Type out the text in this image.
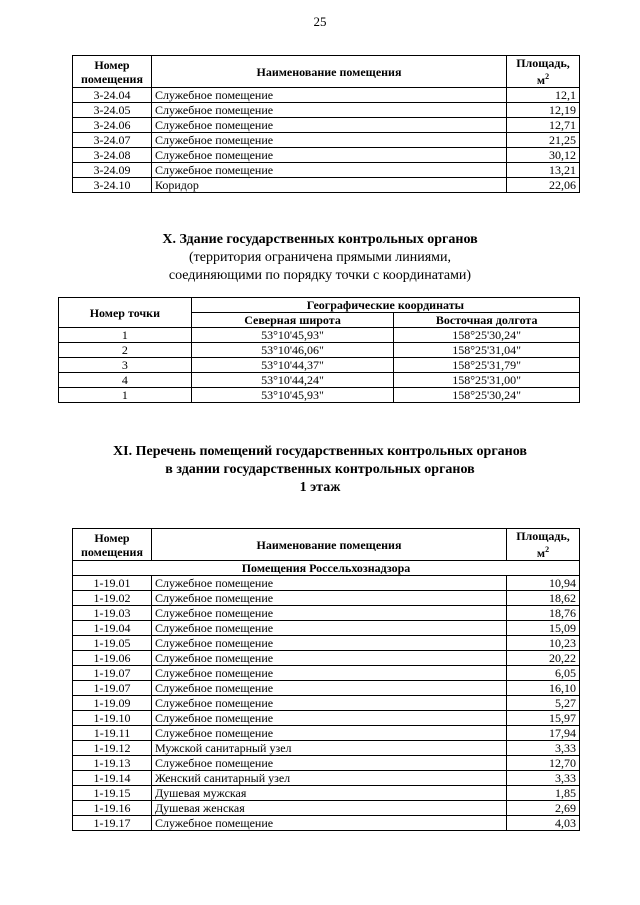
25
Номер
помещения	Наименование помещения	Площадь, $м^2$
3-24.04	Служебное помещение	12,1
3-24.05	Служебное помещение	12,19
3-24.06	Служебное помещение	12,71
3-24.07	Служебное помещение	21,25
3-24.08	Служебное помещение	30,12
3-24.09	Служебное помещение	13,21
3-24.10	Коридор	22,06
X. Здание государственных контрольных органов
(территория ограничена прямыми линиями,
соединяющими по порядку точки с координатами)
Номер точки	Географические координаты	
	Северная широта	Восточная долгота
1	53°10'45,93"	158°25'30,24"
2	53°10'46,06"	158°25'31,04"
3	53°10'44,37"	158°25'31,79"
4	53°10'44,24"	158°25'31,00"
1	53°10'45,93"	158°25'30,24"
XI. Перечень помещений государственных контрольных органов
в здании государственных контрольных органов
1 этаж
Номер
помещения	Наименование помещения	Площадь, $м^2$
Помещения Россельхознадзора		
1-19.01	Служебное помещение	10,94
1-19.02	Служебное помещение	18,62
1-19.03	Служебное помещение	18,76
1-19.04	Служебное помещение	15,09
1-19.05	Служебное помещение	10,23
1-19.06	Служебное помещение	20,22
1-19.07	Служебное помещение	6,05
1-19.07	Служебное помещение	16,10
1-19.09	Служебное помещение	5,27
1-19.10	Служебное помещение	15,97
1-19.11	Служебное помещение	17,94
1-19.12	Мужской санитарный узел	3,33
1-19.13	Служебное помещение	12,70
1-19.14	Женский санитарный узел	3,33
1-19.15	Душевая мужская	1,85
1-19.16	Душевая женская	2,69
1-19.17	Служебное помещение	4,03
